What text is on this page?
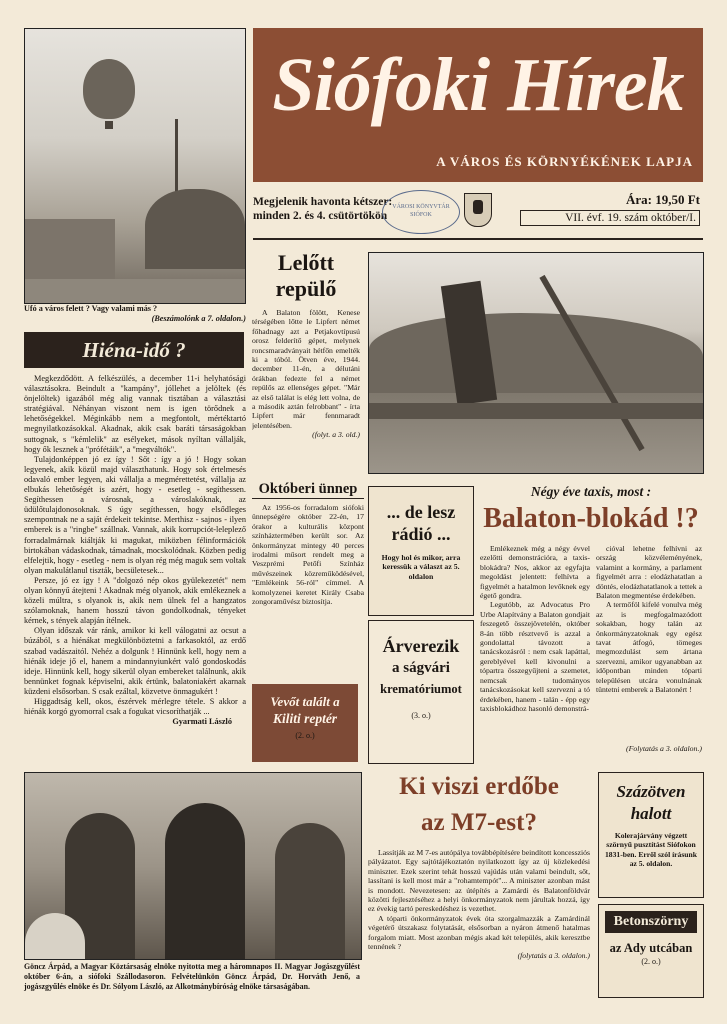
Ufó a város felett ? Vagy valami más ?
(Beszámolónk a 7. oldalon.)
Siófoki Hírek
A VÁROS ÉS KÖRNYÉKÉNEK LAPJA
Megjelenik havonta kétszer:
minden 2. és 4. csütörtökön
VÁROSI KÖNYVTÁR SIÓFOK
Ára: 19,50 Ft
VII. évf. 19. szám október/I.
Hiéna-idő ?

Megkezdődött. A felkészülés, a december 11-i helyhatósági választásokra. Beindult a "kampány", jóllehet a jelöltek (és önjelöltek) igazából még alig vannak tisztában a választási stratégiával. Néhányan viszont nem is igen törődnek a lehetőségekkel. Méginkább nem a megfontolt, mértéktartó megnyilatkozásokkal. Akadnak, akik csak baráti társaságokban suttognak, s "kémlelik" az esélyeket, mások nyíltan vállalják, hogy ők lesznek a "prófétáik", a "megváltók".

Tulajdonképpen jó ez így ! Sőt : így a jó ! Hogy sokan legyenek, akik közül majd választhatunk. Hogy sok értelmesés odavaló ember legyen, aki vállalja a megmérettetést, vállalja az elbukás lehetőségét is azért, hogy - esetleg - segíthessen. Segíthessen a városnak, a városlakóknak, az üdülőtulajdonosoknak. S úgy segíthessen, hogy elsődleges szempontnak ne a saját érdekeit tekintse. Merthisz - sajnos - ilyen emberek is a "ringbe" szállnak. Vannak, akik korrupciót-leleplező forradalmárnak kiáltják ki magukat, miközben félinformációk birtokában vádaskodnak, támadnak, mocskolódnak. Közben pedig elfelejtik, hogy - esetleg - nem is olyan rég még maguk sem voltak olyan makulátlanul tiszták, becsületesek...

Persze, jó ez így ! A "dolgozó nép okos gyülekezetét" nem olyan könnyű átejteni ! Akadnak még olyanok, akik emlékeznek a közeli múltra, s olyanok is, akik nem ülnek fel a hangzatos szólamoknak, hanem hosszú távon gondolkodnak, tényeket kérnek, s tények alapján ítélnek.

Olyan időszak vár ránk, amikor ki kell válogatni az ocsut a búzából, s a hiénákat megkülönböztetni a farkasoktól, az erdő szabad vadászaitól. Nehéz a dolgunk ! Hinnünk kell, hogy nem a hiénák ideje jő el, hanem a mindannyiunkért való gondoskodás ideje. Hinnünk kell, hogy sikerül olyan embereket találnunk, akik bennünket fognak képviselni, akik értünk, balatoniakért akarnak küzdeni elsősorban. S csak ezáltal, közvetve önmagukért !

Higgadtság kell, okos, észérvek mérlegre tétele. S akkor a hiénák korgó gyomorral csak a fogukat vicsoríthatják ...

Gyarmati László
Lelőtt
repülő

A Balaton fölött, Kenese térségében lőtte le Lipfert német főhadnagy azt a Petjakovtípusú orosz felderítő gépet, melynek roncsmaradványait hétfőn emelték ki a tóból. Ötven éve, 1944. december 11-én, a délutáni órákban fedezte fel a német repülős az ellenséges gépet. "Már az első találat is elég lett volna, de a második aztán felrobbant" - írta Lipfert már fennmaradt jelentésében.

(folyt. a 3. old.)
Októberi ünnep

Az 1956-os forradalom siófoki ünnepségére október 22-én, 17 órakor a kulturális központ színháztermében került sor. Az önkormányzat mintegy 40 perces irodalmi műsort rendelt meg a Veszprémi Petőfi Színház művészeinek közreműködésével, "Emlékeink 56-ról" címmel. A komolyzenei keretet Király Csaba zongoraművész biztosítja.

... de lesz
rádió ...
Hogy hol és mikor, arra keressük a választ az 5. oldalon
Vevőt talált a
Kiliti reptér
(2. o.)
Árverezik
a ságvári
krematóriumot
(3. o.)
Négy éve taxis, most :
Balaton-blokád !?

Emlékeznek még a négy évvel ezelőtti demonstrációra, a taxis-blokádra? Nos, akkor az egyfajta megoldást jelentett: felhívta a figyelmét a hatalmon levőknek egy égető gondra.

Legutóbb, az Advocatus Pro Urbe Alapítvány a Balaton gondjait feszegető összejövetelén, október 8-án több résztvevő is azzal a gondolattal távozott a tanácskozásról : nem csak lapáttal, gereblyével kell kivonulni a tópartra összegyűjteni a szemetet, nemcsak tudományos tanácskozásokat kell szervezni a tó érdekében, hanem - talán - épp egy taxisblokádhoz hasonló demonstrá-

cióval lehetne felhívni az ország közvéleményének, valamint a kormány, a parlament figyelmét arra : elodázhatatlan a döntés, elodázhatatlanok a tettek a Balaton megmentése érdekében.

A termőföl kifelé vonulva még az is megfogalmazódott sokakban, hogy talán az önkormányzatoknak egy egész tavat átfogó, tömeges megmozdulást sem ártana szervezni, amikor ugyanabban az időpontban minden tóparti településen utcára vonulnának tüntetni emberek a Balatonért !

(Folytatás a 3. oldalon.)
Göncz Árpád, a Magyar Köztársaság elnöke nyitotta meg a háromnapos II. Magyar Jogászgyűlést október 6-án, a siófoki Szállodasoron. Felvételünkön Göncz Árpád, Dr. Horváth Jenő, a jogászgyűlés elnöke és Dr. Sólyom László, az Alkotmánybíróság elnöke társaságában.
Ki viszi erdőbe
az M7-est?

Lassítják az M 7-es autópálya továbbépítésére beindított koncessziós pályázatot. Egy sajtótájékoztatón nyilatkozott így az új közlekedési miniszter. Ezek szerint tehát hosszú vajúdás után valami beindult, sőt, lassítani is kell most már a "rohamtempót"... A miniszter azonban mást is mondott. Nevezetesen: az útépítés a Zamárdi és Balatonföldvár közötti fejlesztéséhez a helyi önkormányzatok nem járultak hozzá, így ez évekig tartó pereskedéshez is vezethet.

A tóparti önkormányzatok évek óta szorgalmazzák a Zamárdinál végetérő útszakasz folytatását, elsősorban a nyáron átmenő hatalmas forgalom miatt. Most azonban mégis akad két település, akik keresztbe tennének ?

(folytatás a 3. oldalon.)
Százötven
halott
Kolerajárvány végzett szörnyű pusztítást Siófokon 1831-ben. Erről szól írásunk az 5. oldalon.
Betonszörny
az Ady utcában
(2. o.)
